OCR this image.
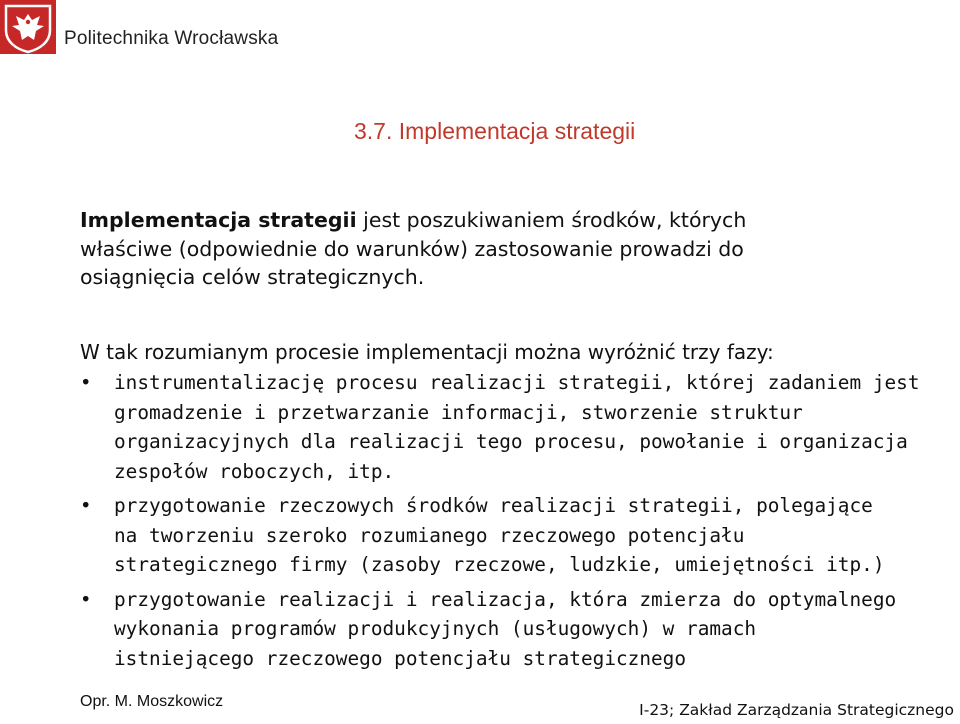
Politechnika Wrocławska
3.7. Implementacja strategii
Implementacja strategii jest poszukiwaniem środków, których
właściwe (odpowiednie do warunków) zastosowanie prowadzi do
osiągnięcia celów strategicznych.
W tak rozumianym procesie implementacji można wyróżnić trzy fazy:
• instrumentalizację procesu realizacji strategii, której zadaniem jest
gromadzenie i przetwarzanie informacji, stworzenie struktur
organizacyjnych dla realizacji tego procesu, powołanie i organizacja
zespołów roboczych, itp.
• przygotowanie rzeczowych środków realizacji strategii, polegające
na tworzeniu szeroko rozumianego rzeczowego potencjału
strategicznego firmy (zasoby rzeczowe, ludzkie, umiejętności itp.)
• przygotowanie realizacji i realizacja, która zmierza do optymalnego
wykonania programów produkcyjnych (usługowych) w ramach
istniejącego rzeczowego potencjału strategicznego
Opr. M. Moszkowicz	I-23; Zakład Zarządzania Strategicznego
